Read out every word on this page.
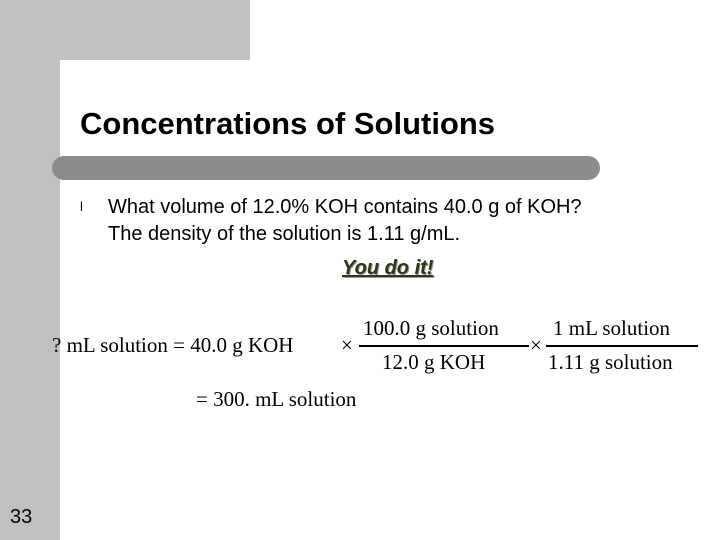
Concentrations of Solutions
l What volume of 12.0% KOH contains 40.0 g of KOH?
The density of the solution is 1.11 g/mL.
You do it!
? mL solution = 40.0 g KOH ×
100.0 g solution
12.0 g KOH
×
1 mL solution
1.11 g solution
= 300. mL solution
33
